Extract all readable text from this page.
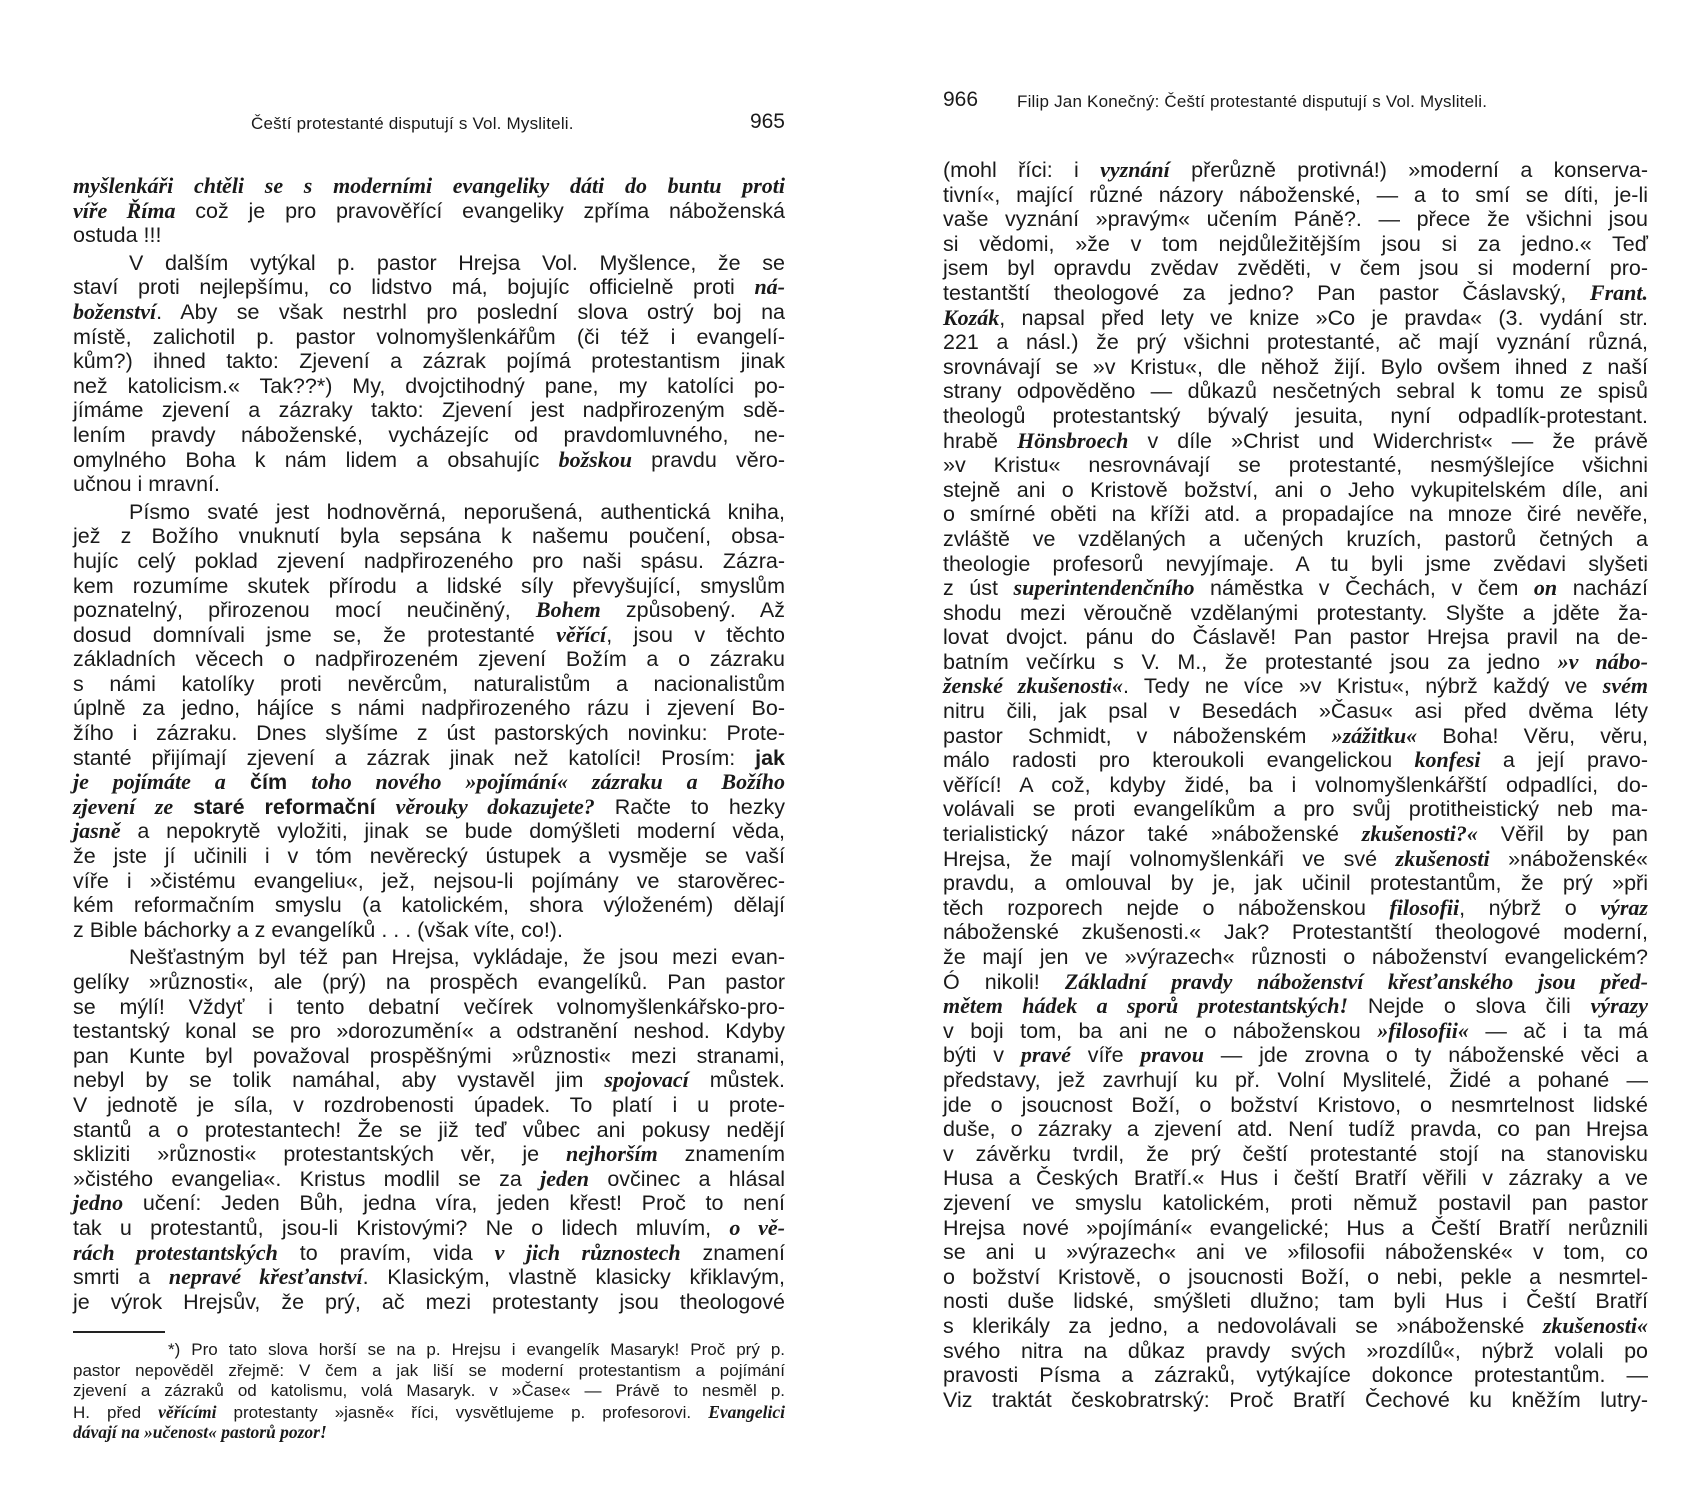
Čeští protestanté disputují s Vol. Mysliteli.	965
myšlenkáři chtěli se s moderními evangeliky dáti do buntu proti
víře Říma což je pro pravověřící evangeliky zpříma náboženská
ostuda !!!
V dalším vytýkal p. pastor Hrejsa Vol. Myšlence, že se
staví proti nejlepšímu, co lidstvo má, bojujíc officielně proti ná-
boženství. Aby se však nestrhl pro poslední slova ostrý boj na
místě, zalichotil p. pastor volnomyšlenkářům (či též i evangelí-
kům?) ihned takto: Zjevení a zázrak pojímá protestantism jinak
než katolicism.« Tak??*) My, dvojctihodný pane, my katolíci po-
jímáme zjevení a zázraky takto: Zjevení jest nadpřirozeným sdě-
lením pravdy náboženské, vycházejíc od pravdomluvného, ne-
omylného Boha k nám lidem a obsahujíc božskou pravdu věro-
učnou i mravní.
Písmo svaté jest hodnověrná, neporušená, authentická kniha,
jež z Božího vnuknutí byla sepsána k našemu poučení, obsa-
hujíc celý poklad zjevení nadpřirozeného pro naši spásu. Zázra-
kem rozumíme skutek přírodu a lidské síly převyšující, smyslům
poznatelný, přirozenou mocí neučiněný, Bohem způsobený. Až
dosud domnívali jsme se, že protestanté věřící, jsou v těchto
základních věcech o nadpřirozeném zjevení Božím a o zázraku
s námi katolíky proti nevěrcům, naturalistům a nacionalistům
úplně za jedno, hájíce s námi nadpřirozeného rázu i zjevení Bo-
žího i zázraku. Dnes slyšíme z úst pastorských novinku: Prote-
stanté přijímají zjevení a zázrak jinak než katolíci! Prosím: jak
je pojímáte a čím toho nového »pojímání« zázraku a Božího
zjevení ze staré reformační věrouky dokazujete? Račte to hezky
jasně a nepokrytě vyložiti, jinak se bude domýšleti moderní věda,
že jste jí učinili i v tóm nevěrecký ústupek a vysměje se vaší
víře i »čistému evangeliu«, jež, nejsou-li pojímány ve starověrec-
kém reformačním smyslu (a katolickém, shora výloženém) dělají
z Bible báchorky a z evangelíků . . . (však víte, co!).
Nešťastným byl též pan Hrejsa, vykládaje, že jsou mezi evan-
gelíky »různosti«, ale (prý) na prospěch evangelíků. Pan pastor
se mýlí! Vždyť i tento debatní večírek volnomyšlenkářsko-pro-
testantský konal se pro »dorozumění« a odstranění neshod. Kdyby
pan Kunte byl považoval prospěšnými »různosti« mezi stranami,
nebyl by se tolik namáhal, aby vystavěl jim spojovací můstek.
V jednotě je síla, v rozdrobenosti úpadek. To platí i u prote-
stantů a o protestantech! Že se již teď vůbec ani pokusy nedějí
skliziti »různosti« protestantských věr, je nejhorším znamením
»čistého evangelia«. Kristus modlil se za jeden ovčinec a hlásal
jedno učení: Jeden Bůh, jedna víra, jeden křest! Proč to není
tak u protestantů, jsou-li Kristovými? Ne o lidech mluvím, o vě-
rách protestantských to pravím, vida v jich různostech znamení
smrti a nepravé křesťanství. Klasickým, vlastně klasicky křiklavým,
je výrok Hrejsův, že prý, ač mezi protestanty jsou theologové
*) Pro tato slova horší se na p. Hrejsu i evangelík Masaryk! Proč prý p.
pastor nepověděl zřejmě: V čem a jak liší se moderní protestantism a pojímání
zjevení a zázraků od katolismu, volá Masaryk. v »Čase« — Právě to nesměl p.
H. před věřícími protestanty »jasně« říci, vysvětlujeme p. profesorovi. Evangelici
dávají na »učenost« pastorů pozor!
966 Filip Jan Konečný: Čeští protestanté disputují s Vol. Mysliteli.
(mohl říci: i vyznání přerůzně protivná!) »moderní a konserva-
tivní«, mající různé názory náboženské, — a to smí se díti, je-li
vaše vyznání »pravým« učením Páně?. — přece že všichni jsou
si vědomi, »že v tom nejdůležitějším jsou si za jedno.« Teď
jsem byl opravdu zvědav zvěděti, v čem jsou si moderní pro-
testantští theologové za jedno? Pan pastor Čáslavský, Frant.
Kozák, napsal před lety ve knize »Co je pravda« (3. vydání str.
221 a násl.) že prý všichni protestanté, ač mají vyznání různá,
srovnávají se »v Kristu«, dle něhož žijí. Bylo ovšem ihned z naší
strany odpověděno — důkazů nesčetných sebral k tomu ze spisů
theologů protestantský bývalý jesuita, nyní odpadlík-protestant.
hrabě Hönsbroech v díle »Christ und Widerchrist« — že právě
»v Kristu« nesrovnávají se protestanté, nesmýšlejíce všichni
stejně ani o Kristově božství, ani o Jeho vykupitelském díle, ani
o smírné oběti na kříži atd. a propadajíce na mnoze čiré nevěře,
zvláště ve vzdělaných a učených kruzích, pastorů četných a
theologie profesorů nevyjímaje. A tu byli jsme zvědavi slyšeti
z úst superintendenčního náměstka v Čechách, v čem on nachází
shodu mezi věroučně vzdělanými protestanty. Slyšte a jděte ža-
lovat dvojct. pánu do Čáslavě! Pan pastor Hrejsa pravil na de-
batním večírku s V. M., že protestanté jsou za jedno »v nábo-
ženské zkušenosti«. Tedy ne více »v Kristu«, nýbrž každý ve svém
nitru čili, jak psal v Besedách »Času« asi před dvěma léty
pastor Schmidt, v náboženském »zážitku« Boha! Věru, věru,
málo radosti pro kteroukoli evangelickou konfesi a její pravo-
věřící! A což, kdyby židé, ba i volnomyšlenkářští odpadlíci, do-
volávali se proti evangelíkům a pro svůj protitheistický neb ma-
terialistický názor také »náboženské zkušenosti?« Věřil by pan
Hrejsa, že mají volnomyšlenkáři ve své zkušenosti »náboženské«
pravdu, a omlouval by je, jak učinil protestantům, že prý »při
těch rozporech nejde o náboženskou filosofii, nýbrž o výraz
náboženské zkušenosti.« Jak? Protestantští theologové moderní,
že mají jen ve »výrazech« různosti o náboženství evangelickém?
Ó nikoli! Základní pravdy náboženství křesťanského jsou před-
mětem hádek a sporů protestantských! Nejde o slova čili výrazy
v boji tom, ba ani ne o náboženskou »filosofii« — ač i ta má
býti v pravé víře pravou — jde zrovna o ty náboženské věci a
představy, jež zavrhují ku př. Volní Myslitelé, Židé a pohané —
jde o jsoucnost Boží, o božství Kristovo, o nesmrtelnost lidské
duše, o zázraky a zjevení atd. Není tudíž pravda, co pan Hrejsa
v závěrku tvrdil, že prý čeští protestanté stojí na stanovisku
Husa a Českých Bratří.« Hus i čeští Bratří věřili v zázraky a ve
zjevení ve smyslu katolickém, proti němuž postavil pan pastor
Hrejsa nové »pojímání« evangelické; Hus a Čeští Bratří nerůznili
se ani u »výrazech« ani ve »filosofii náboženské« v tom, co
o božství Kristově, o jsoucnosti Boží, o nebi, pekle a nesmrtel-
nosti duše lidské, smýšleti dlužno; tam byli Hus i Čeští Bratří
s klerikály za jedno, a nedovolávali se »náboženské zkušenosti«
svého nitra na důkaz pravdy svých »rozdílů«, nýbrž volali po
pravosti Písma a zázraků, vytýkajíce dokonce protestantům. —
Viz traktát českobratrský: Proč Bratří Čechové ku kněžím lutry-
